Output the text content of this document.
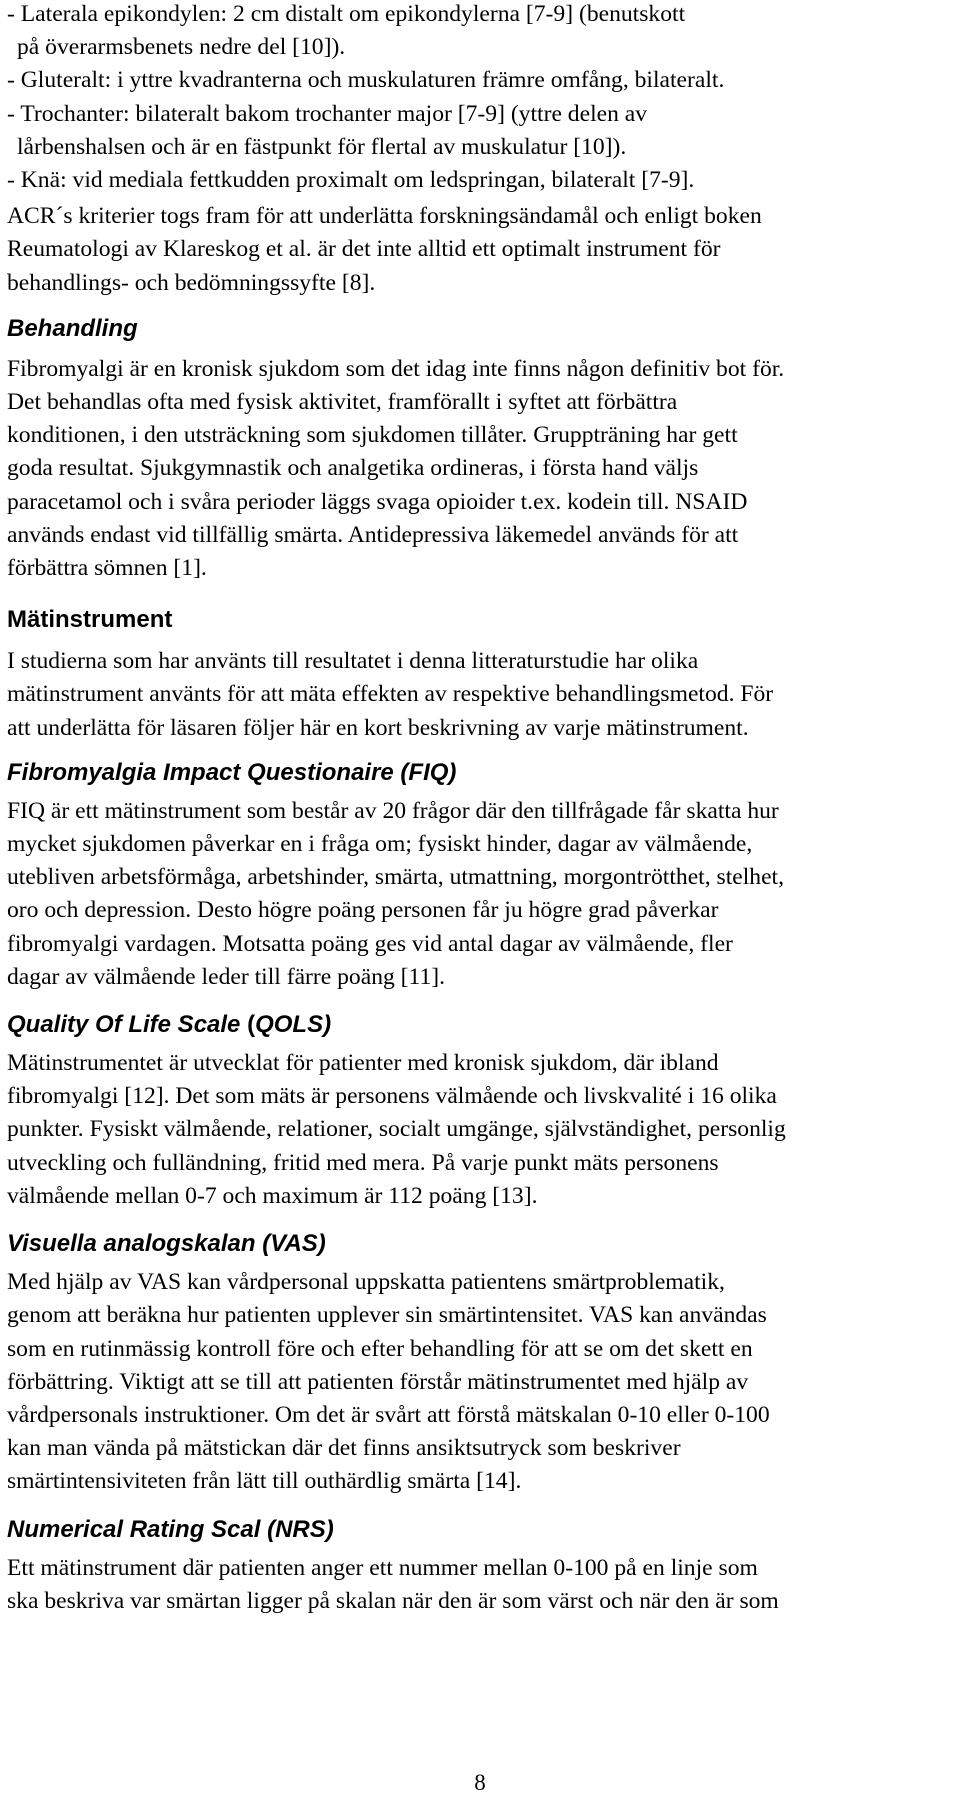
- Laterala epikondylen: 2 cm distalt om epikondylerna [7-9] (benutskott
på överarmsbenets nedre del [10]).
- Gluteralt: i yttre kvadranterna och muskulaturen främre omfång, bilateralt.
- Trochanter: bilateralt bakom trochanter major [7-9] (yttre delen av
lårbenshalsen och är en fästpunkt för flertal av muskulatur [10]).
- Knä: vid mediala fettkudden proximalt om ledspringan, bilateralt [7-9].
ACR´s kriterier togs fram för att underlätta forskningsändamål och enligt boken
Reumatologi av Klareskog et al. är det inte alltid ett optimalt instrument för
behandlings- och bedömningssyfte [8].
Behandling
Fibromyalgi är en kronisk sjukdom som det idag inte finns någon definitiv bot för.
Det behandlas ofta med fysisk aktivitet, framförallt i syftet att förbättra
konditionen, i den utsträckning som sjukdomen tillåter. Gruppträning har gett
goda resultat. Sjukgymnastik och analgetika ordineras, i första hand väljs
paracetamol och i svåra perioder läggs svaga opioider t.ex. kodein till. NSAID
används endast vid tillfällig smärta. Antidepressiva läkemedel används för att
förbättra sömnen [1].
Mätinstrument
I studierna som har använts till resultatet i denna litteraturstudie har olika
mätinstrument använts för att mäta effekten av respektive behandlingsmetod. För
att underlätta för läsaren följer här en kort beskrivning av varje mätinstrument.
Fibromyalgia Impact Questionaire (FIQ)
FIQ är ett mätinstrument som består av 20 frågor där den tillfrågade får skatta hur
mycket sjukdomen påverkar en i fråga om; fysiskt hinder, dagar av välmående,
utebliven arbetsförmåga, arbetshinder, smärta, utmattning, morgontrötthet, stelhet,
oro och depression. Desto högre poäng personen får ju högre grad påverkar
fibromyalgi vardagen. Motsatta poäng ges vid antal dagar av välmående, fler
dagar av välmående leder till färre poäng [11].
Quality Of Life Scale (QOLS)
Mätinstrumentet är utvecklat för patienter med kronisk sjukdom, där ibland
fibromyalgi [12]. Det som mäts är personens välmående och livskvalité i 16 olika
punkter. Fysiskt välmående, relationer, socialt umgänge, självständighet, personlig
utveckling och fulländning, fritid med mera. På varje punkt mäts personens
välmående mellan 0-7 och maximum är 112 poäng [13].
Visuella analogskalan (VAS)
Med hjälp av VAS kan vårdpersonal uppskatta patientens smärtproblematik,
genom att beräkna hur patienten upplever sin smärtintensitet. VAS kan användas
som en rutinmässig kontroll före och efter behandling för att se om det skett en
förbättring. Viktigt att se till att patienten förstår mätinstrumentet med hjälp av
vårdpersonals instruktioner. Om det är svårt att förstå mätskalan 0-10 eller 0-100
kan man vända på mätstickan där det finns ansiktsutryck som beskriver
smärtintensiviteten från lätt till outhärdlig smärta [14].
Numerical Rating Scal (NRS)
Ett mätinstrument där patienten anger ett nummer mellan 0-100 på en linje som
ska beskriva var smärtan ligger på skalan när den är som värst och när den är som
8
